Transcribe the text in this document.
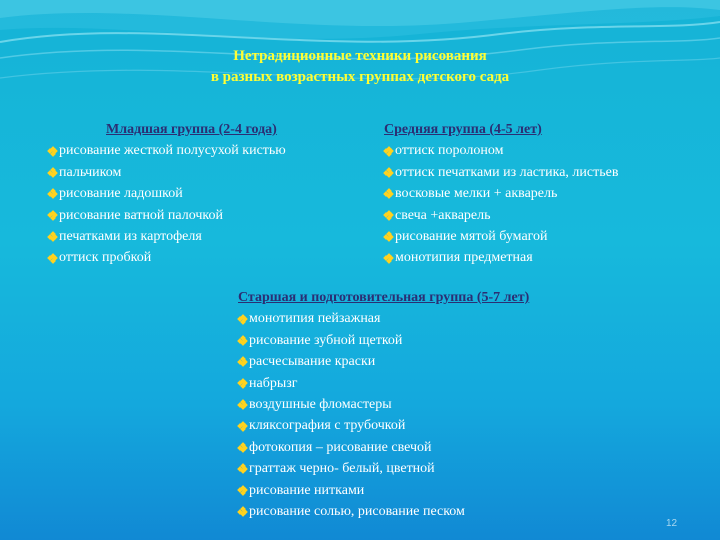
Нетрадиционные техники рисования
в разных возрастных группах детского сада
Младшая группа (2-4 года)
рисование жесткой полусухой кистью
пальчиком
рисование ладошкой
рисование ватной палочкой
печатками из картофеля
оттиск пробкой
Средняя группа (4-5 лет)
оттиск поролоном
оттиск печатками из ластика, листьев
восковые мелки + акварель
свеча +акварель
рисование мятой бумагой
монотипия предметная
Старшая и подготовительная группа (5-7 лет)
монотипия пейзажная
рисование зубной щеткой
расчесывание краски
набрызг
воздушные фломастеры
кляксография с трубочкой
фотокопия – рисование свечой
граттаж черно- белый, цветной
рисование нитками
рисование солью, рисование песком
12
